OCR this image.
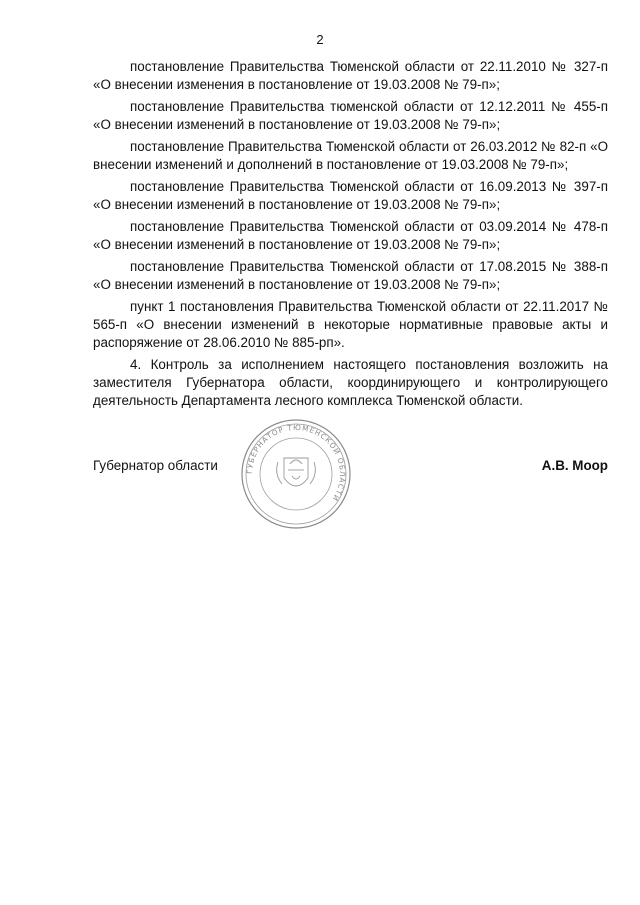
2

постановление Правительства Тюменской области от 22.11.2010 № 327-п «О внесении изменения в постановление от 19.03.2008 № 79-п»;

постановление Правительства тюменской области от 12.12.2011 № 455-п «О внесении изменений в постановление от 19.03.2008 № 79-п»;

постановление Правительства Тюменской области от 26.03.2012 № 82-п «О внесении изменений и дополнений в постановление от 19.03.2008 № 79-п»;

постановление Правительства Тюменской области от 16.09.2013 № 397-п «О внесении изменений в постановление от 19.03.2008 № 79-п»;

постановление Правительства Тюменской области от 03.09.2014 № 478-п «О внесении изменений в постановление от 19.03.2008 № 79-п»;

постановление Правительства Тюменской области от 17.08.2015 № 388-п «О внесении изменений в постановление от 19.03.2008 № 79-п»;

пункт 1 постановления Правительства Тюменской области от 22.11.2017 № 565-п «О внесении изменений в некоторые нормативные правовые акты и распоряжение от 28.06.2010 № 885-рп».

4. Контроль за исполнением настоящего постановления возложить на заместителя Губернатора области, координирующего и контролирующего деятельность Департамента лесного комплекса Тюменской области.

Губернатор области	А.В. Моор
ГУБЕРНАТОР ТЮМЕНСКОЙ ОБЛАСТИ
